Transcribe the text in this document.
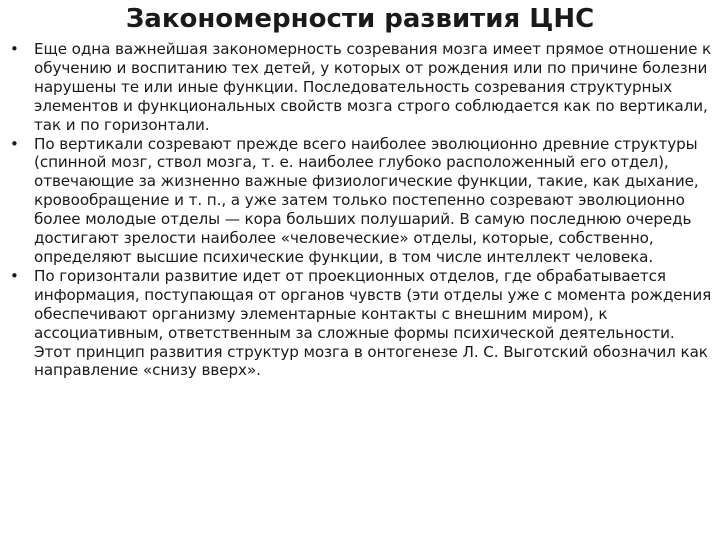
Закономерности развития ЦНС
• Еще одна важнейшая закономерность созревания мозга имеет прямое отношение к обучению и воспитанию тех детей, у которых от рождения или по причине болезни нарушены те или иные функции. Последовательность созревания структурных элементов и функциональных свойств мозга строго соблюдается как по вертикали, так и по горизонтали.
• По вертикали созревают прежде всего наиболее эволюционно древние структуры (спинной мозг, ствол мозга, т. е. наиболее глубоко расположенный его отдел), отвечающие за жизненно важные физиологические функции, такие, как дыхание, кровообращение и т. п., а уже затем только постепенно созревают эволюционно более молодые отделы — кора больших полушарий. В самую последнюю очередь достигают зрелости наиболее «человеческие» отделы, которые, собственно, определяют высшие психические функции, в том числе интеллект человека.
• По горизонтали развитие идет от проекционных отделов, где обрабатывается информация, поступающая от органов чувств (эти отделы уже с момента рождения обеспечивают организму элементарные контакты с внешним миром), к ассоциативным, ответственным за сложные формы психической деятельности. Этот принцип развития структур мозга в онтогенезе Л. С. Выготский обозначил как направление «снизу вверх».
